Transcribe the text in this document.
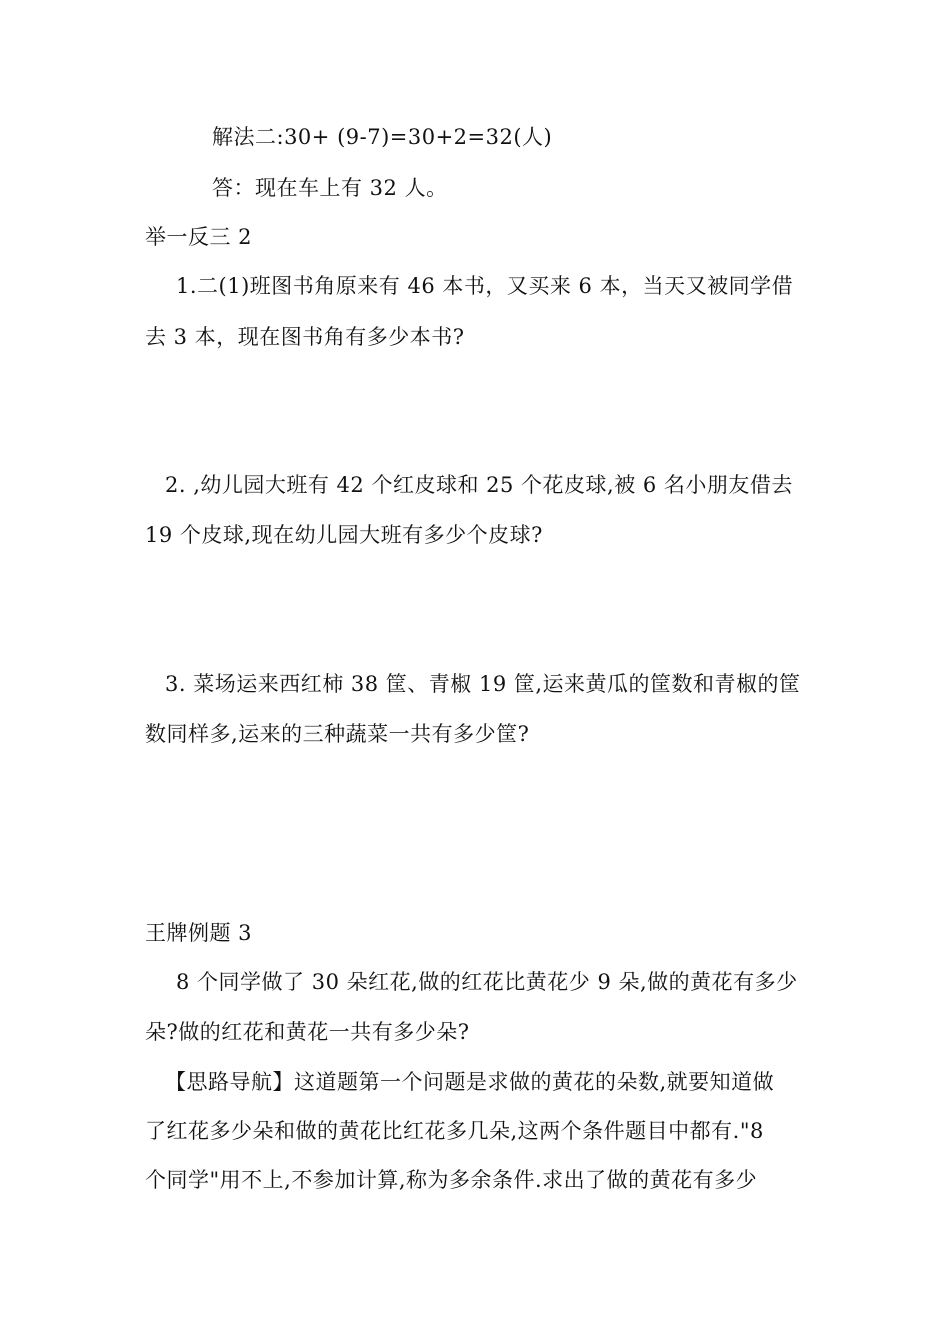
解法二:30+ (9-7)=30+2=32(人)
答：现在车上有 32 人。
举一反三 2
1.二(1)班图书角原来有 46 本书，又买来 6 本，当天又被同学借
去 3 本，现在图书角有多少本书?
2. ,幼儿园大班有 42 个红皮球和 25 个花皮球,被 6 名小朋友借去
19 个皮球,现在幼儿园大班有多少个皮球?
3. 菜场运来西红柿 38 筐、青椒 19 筐,运来黄瓜的筐数和青椒的筐
数同样多,运来的三种蔬菜一共有多少筐?
王牌例题 3
8 个同学做了 30 朵红花,做的红花比黄花少 9 朵,做的黄花有多少
朵?做的红花和黄花一共有多少朵?
【思路导航】这道题第一个问题是求做的黄花的朵数,就要知道做
了红花多少朵和做的黄花比红花多几朵,这两个条件题目中都有."8
个同学"用不上,不参加计算,称为多余条件.求出了做的黄花有多少
